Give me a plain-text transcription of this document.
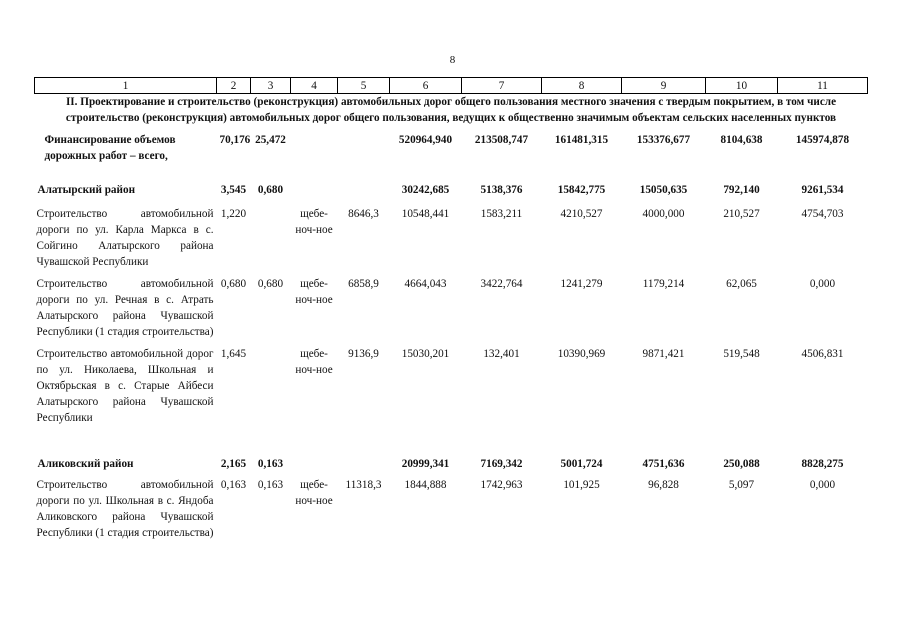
8
1	2	3	4	5	6	7	8	9	10	11
II. Проектирование и строительство (реконструкция) автомобильных дорог общего пользования местного значения с твердым покрытием, в том числе строительство (реконструкция) автомобильных дорог общего пользования, ведущих к общественно значимым объектам сельских населенных пунктов										
Финансирование объемов дорожных работ – всего,	70,176	25,472			520964,940	213508,747	161481,315	153376,677	8104,638	145974,878
Алатырский район	3,545	0,680			30242,685	5138,376	15842,775	15050,635	792,140	9261,534
Строительство автомобильной дороги по ул. Карла Маркса в с. Сойгино Алатырского района Чувашской Республики	1,220		щебе-ноч-ное	8646,3	10548,441	1583,211	4210,527	4000,000	210,527	4754,703
Строительство автомобильной дороги по ул. Речная в с. Атрать Алатырского района Чувашской Республики (1 стадия строительства)	0,680	0,680	щебе-ноч-ное	6858,9	4664,043	3422,764	1241,279	1179,214	62,065	0,000
Строительство автомобильной дорог по ул. Николаева, Школьная и Октябрьская в с. Старые Айбеси Алатырского района Чувашской Республики	1,645		щебе-ноч-ное	9136,9	15030,201	132,401	10390,969	9871,421	519,548	4506,831
Аликовский район	2,165	0,163			20999,341	7169,342	5001,724	4751,636	250,088	8828,275
Строительство автомобильной дороги по ул. Школьная в с. Яндоба Аликовского района Чувашской Республики (1 стадия строительства)	0,163	0,163	щебе-ноч-ное	11318,3	1844,888	1742,963	101,925	96,828	5,097	0,000
